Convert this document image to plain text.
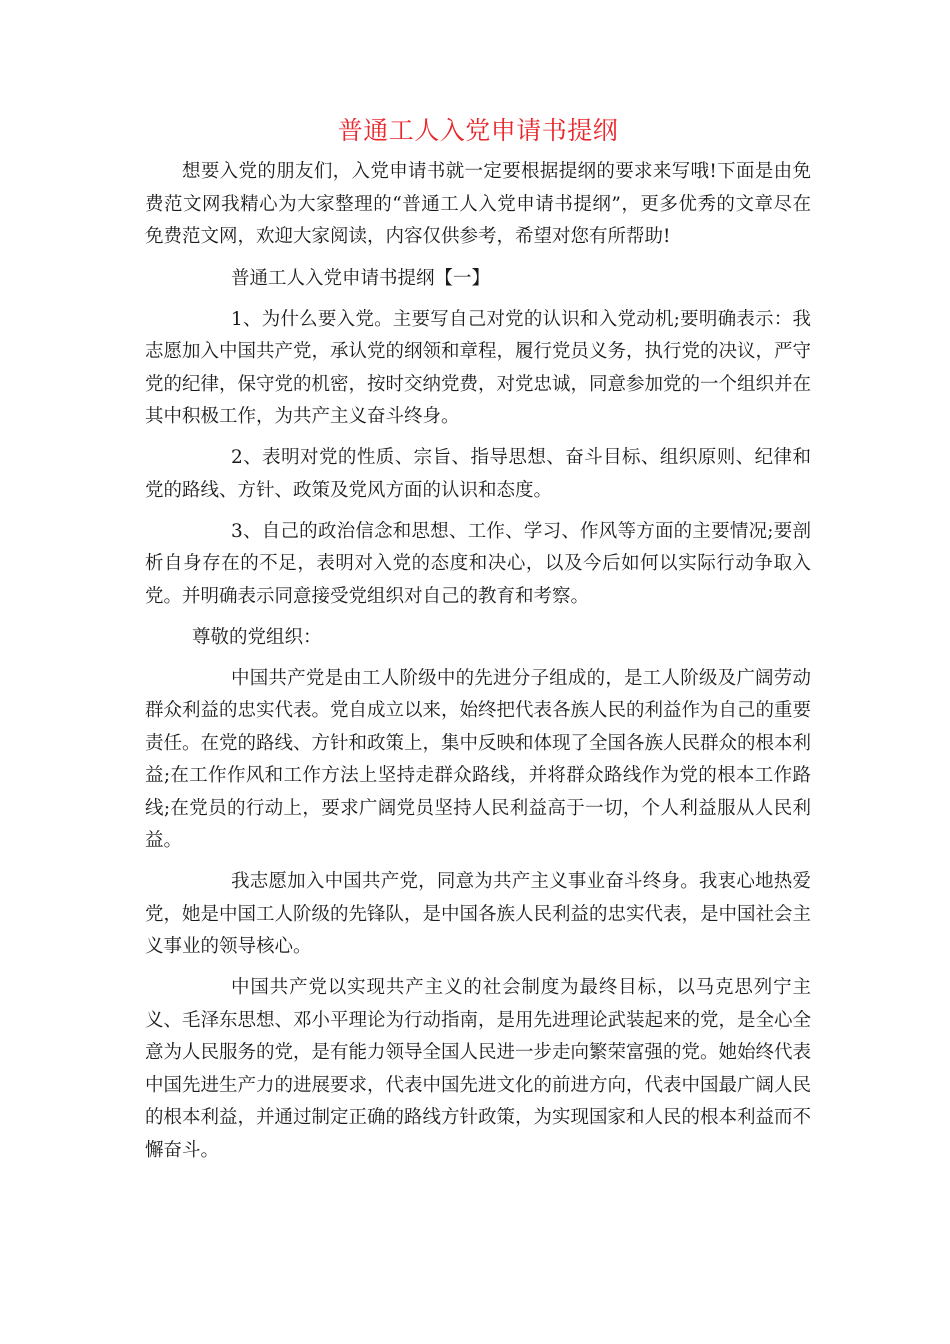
普通工人入党申请书提纲

想要入党的朋友们，入党申请书就一定要根据提纲的要求来写哦!下面是由免费范文网我精心为大家整理的“普通工人入党申请书提纲”，更多优秀的文章尽在免费范文网，欢迎大家阅读，内容仅供参考，希望对您有所帮助!

普通工人入党申请书提纲【一】

1、为什么要入党。主要写自己对党的认识和入党动机;要明确表示：我志愿加入中国共产党，承认党的纲领和章程，履行党员义务，执行党的决议，严守党的纪律，保守党的机密，按时交纳党费，对党忠诚，同意参加党的一个组织并在其中积极工作，为共产主义奋斗终身。

2、表明对党的性质、宗旨、指导思想、奋斗目标、组织原则、纪律和党的路线、方针、政策及党风方面的认识和态度。

3、自己的政治信念和思想、工作、学习、作风等方面的主要情况;要剖析自身存在的不足，表明对入党的态度和决心，以及今后如何以实际行动争取入党。并明确表示同意接受党组织对自己的教育和考察。

尊敬的党组织：

中国共产党是由工人阶级中的先进分子组成的，是工人阶级及广阔劳动群众利益的忠实代表。党自成立以来，始终把代表各族人民的利益作为自己的重要责任。在党的路线、方针和政策上，集中反映和体现了全国各族人民群众的根本利益;在工作作风和工作方法上坚持走群众路线，并将群众路线作为党的根本工作路线;在党员的行动上，要求广阔党员坚持人民利益高于一切，个人利益服从人民利益。

我志愿加入中国共产党，同意为共产主义事业奋斗终身。我衷心地热爱党，她是中国工人阶级的先锋队，是中国各族人民利益的忠实代表，是中国社会主义事业的领导核心。

中国共产党以实现共产主义的社会制度为最终目标，以马克思列宁主义、毛泽东思想、邓小平理论为行动指南，是用先进理论武装起来的党，是全心全意为人民服务的党，是有能力领导全国人民进一步走向繁荣富强的党。她始终代表中国先进生产力的进展要求，代表中国先进文化的前进方向，代表中国最广阔人民的根本利益，并通过制定正确的路线方针政策，为实现国家和人民的根本利益而不懈奋斗。
